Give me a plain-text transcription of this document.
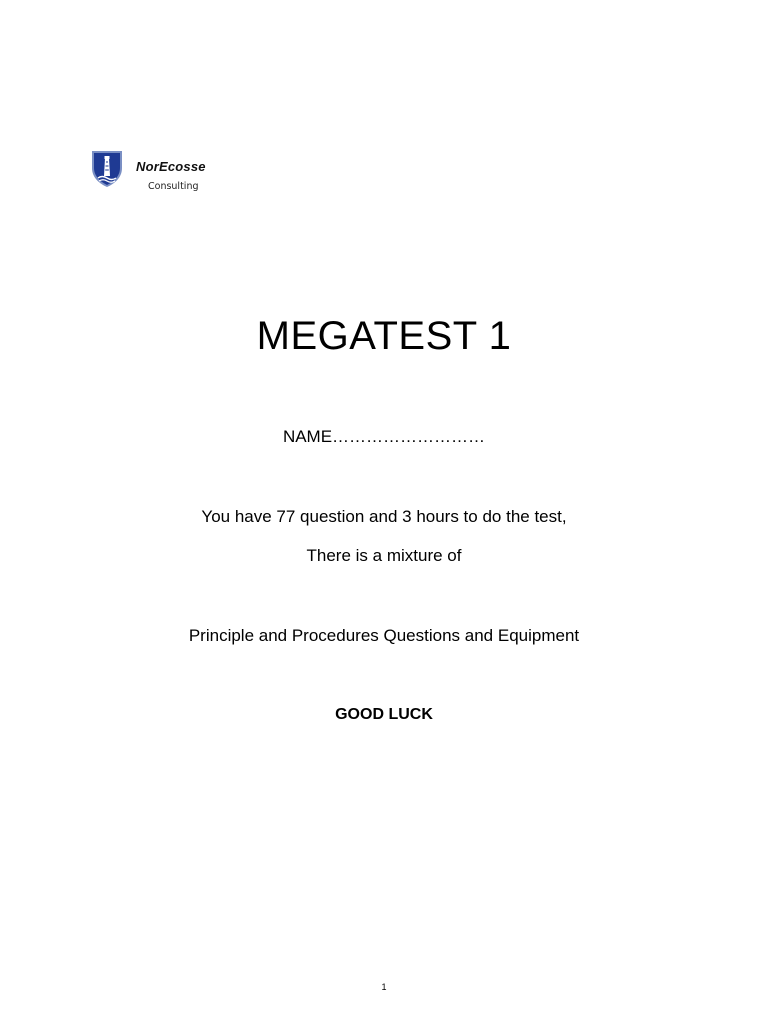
NorEcosse
Consulting
MEGATEST 1
NAME………………………
You have 77 question and 3 hours to do the test,
There is a mixture of
Principle and Procedures Questions and Equipment
GOOD LUCK
1
